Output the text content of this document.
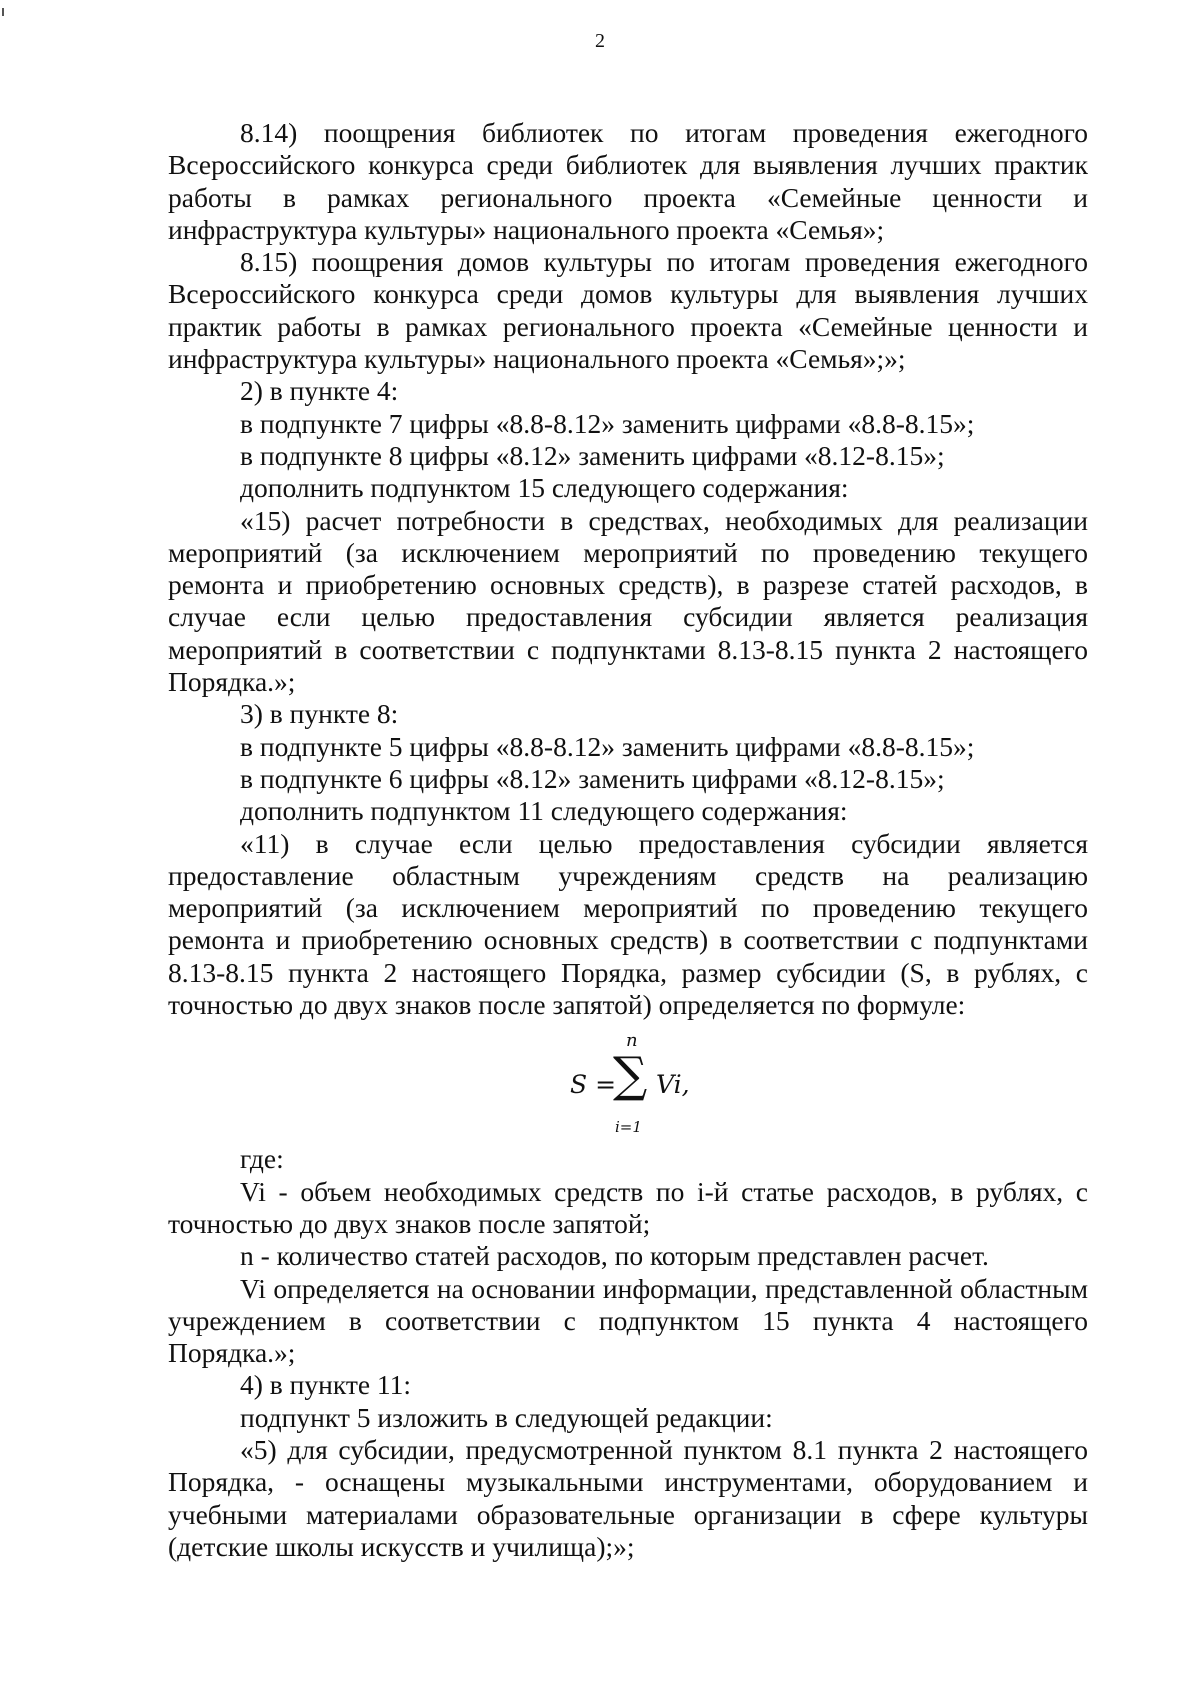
2

8.14) поощрения библиотек по итогам проведения ежегодного Всероссийского конкурса среди библиотек для выявления лучших практик работы в рамках регионального проекта «Семейные ценности и инфраструктура культуры» национального проекта «Семья»;

8.15) поощрения домов культуры по итогам проведения ежегодного Всероссийского конкурса среди домов культуры для выявления лучших практик работы в рамках регионального проекта «Семейные ценности и инфраструктура культуры» национального проекта «Семья»;»;

2) в пункте 4:

в подпункте 7 цифры «8.8-8.12» заменить цифрами «8.8-8.15»;

в подпункте 8 цифры «8.12» заменить цифрами «8.12-8.15»;

дополнить подпунктом 15 следующего содержания:

«15) расчет потребности в средствах, необходимых для реализации мероприятий (за исключением мероприятий по проведению текущего ремонта и приобретению основных средств), в разрезе статей расходов, в случае если целью предоставления субсидии является реализация мероприятий в соответствии с подпунктами 8.13-8.15 пункта 2 настоящего Порядка.»;

3) в пункте 8:

в подпункте 5 цифры «8.8-8.12» заменить цифрами «8.8-8.15»;

в подпункте 6 цифры «8.12» заменить цифрами «8.12-8.15»;

дополнить подпунктом 11 следующего содержания:

«11) в случае если целью предоставления субсидии является предоставление областным учреждениям средств на реализацию мероприятий (за исключением мероприятий по проведению текущего ремонта и приобретению основных средств) в соответствии с подпунктами 8.13-8.15 пункта 2 настоящего Порядка, размер субсидии (S, в рублях, с точностью до двух знаков после запятой) определяется по формуле:

S =
n
∑
i=1
Vi,

где:

Vi - объем необходимых средств по i-й статье расходов, в рублях, с точностью до двух знаков после запятой;

n - количество статей расходов, по которым представлен расчет.

Vi определяется на основании информации, представленной областным учреждением в соответствии с подпунктом 15 пункта 4 настоящего Порядка.»;

4) в пункте 11:

подпункт 5 изложить в следующей редакции:

«5) для субсидии, предусмотренной пунктом 8.1 пункта 2 настоящего Порядка, - оснащены музыкальными инструментами, оборудованием и учебными материалами образовательные организации в сфере культуры (детские школы искусств и училища);»;
